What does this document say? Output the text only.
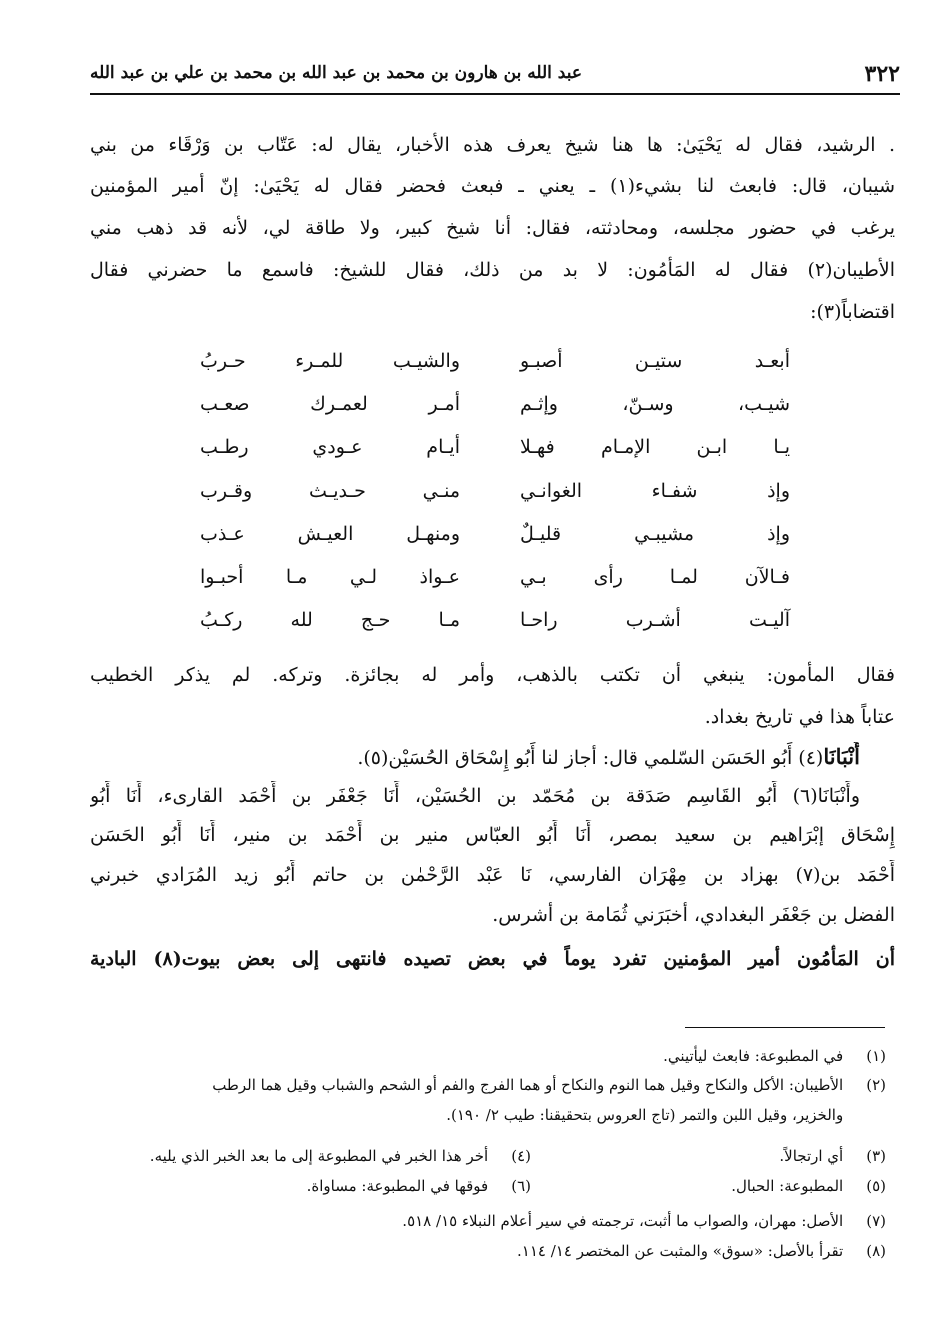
٣٢٢
عبد الله بن هارون بن محمد بن عبد الله بن محمد بن علي بن عبد الله
. الرشيد، فقال له يَحْيَىٰ: ها هنا شيخ يعرف هذه الأخبار، يقال له: عَتّاب بن وَرْقَاء من بني
شيبان، قال: فابعث لنا بشيء(١) ـ يعني ـ فبعث فحضر فقال له يَحْيَىٰ: إنّ أمير المؤمنين
يرغب في حضور مجلسه، ومحادثته، فقال: أنا شيخ كبير، ولا طاقة لي، لأنه قد ذهب مني
الأطيبان(٢) فقال له المَأْمُون: لا بد من ذلك، فقال للشيخ: فاسمع ما حضرني فقال
اقتضاباً(٣):
أبعـد ستيـن أصبـو
والشيـب للمـرء حـربُ
شيـب، وسـنّ، وإثـم
أمـر لعمـرك صعـب
يـا ابـن الإمـام فهـلا
أيـام عـودي رطـب
وإذ شفـاء الغوانـي
منـي حـديـث وقـرب
وإذ مشيبـي قليـلٌ
ومنهـل العيـش عـذب
فـالآن لمـا رأى بـي
عـواذ لـي مـا أحبـوا
آليـت أشـرب راحـا
مـا حـج لله ركـبُ
فقال المأمون: ينبغي أن تكتب بالذهب، وأمر له بجائزة. وتركه. لم يذكر الخطيب
عتاباً هذا في تاريخ بغداد.
أَنْبَانَا(٤) أَبُو الحَسَن السّلمي قال: أجاز لنا أَبُو إِسْحَاق الحُسَيْن(٥).
وأَنْبَانَا(٦) أَبُو القَاسِم صَدَقة بن مُحَمّد بن الحُسَيْن، أَنَا جَعْفَر بن أَحْمَد القارىء، أَنَا أَبُو
إِسْحَاق إبْرَاهيم بن سعيد بمصر، أَنَا أَبُو العبّاس منير بن أَحْمَد بن منير، أَنَا أَبُو الحَسَن
أَحْمَد بن(٧) بهزاد بن مِهْرَان الفارسي، نَا عَبْد الرَّحْمٰن بن حاتم أَبُو زيد المُرَادي خبرني
الفضل بن جَعْفَر البغدادي، أخبَرَني ثُمَامة بن أشرس.
أن المَأْمُون أمير المؤمنين تفرد يوماً في بعض تصيده فانتهى إلى بعض بيوت(٨) البادية
(١) في المطبوعة: فابعث ليأتيني.
(٢) الأطيبان: الأكل والنكاح وقيل هما النوم والنكاح أو هما الفرج والفم أو الشحم والشباب وقيل هما الرطب
والخزير، وقيل اللبن والتمر (تاج العروس بتحقيقنا: طيب ٢/ ١٩٠).
(٣) أي ارتجالاً.
(٤) أخر هذا الخبر في المطبوعة إلى ما بعد الخبر الذي يليه.
(٥) المطبوعة: الحبال.
(٦) فوقها في المطبوعة: مساواة.
(٧) الأصل: مهران، والصواب ما أثبت، ترجمته في سير أعلام النبلاء ١٥/ ٥١٨.
(٨) تقرأ بالأصل: «سوق» والمثبت عن المختصر ١٤/ ١١٤.
